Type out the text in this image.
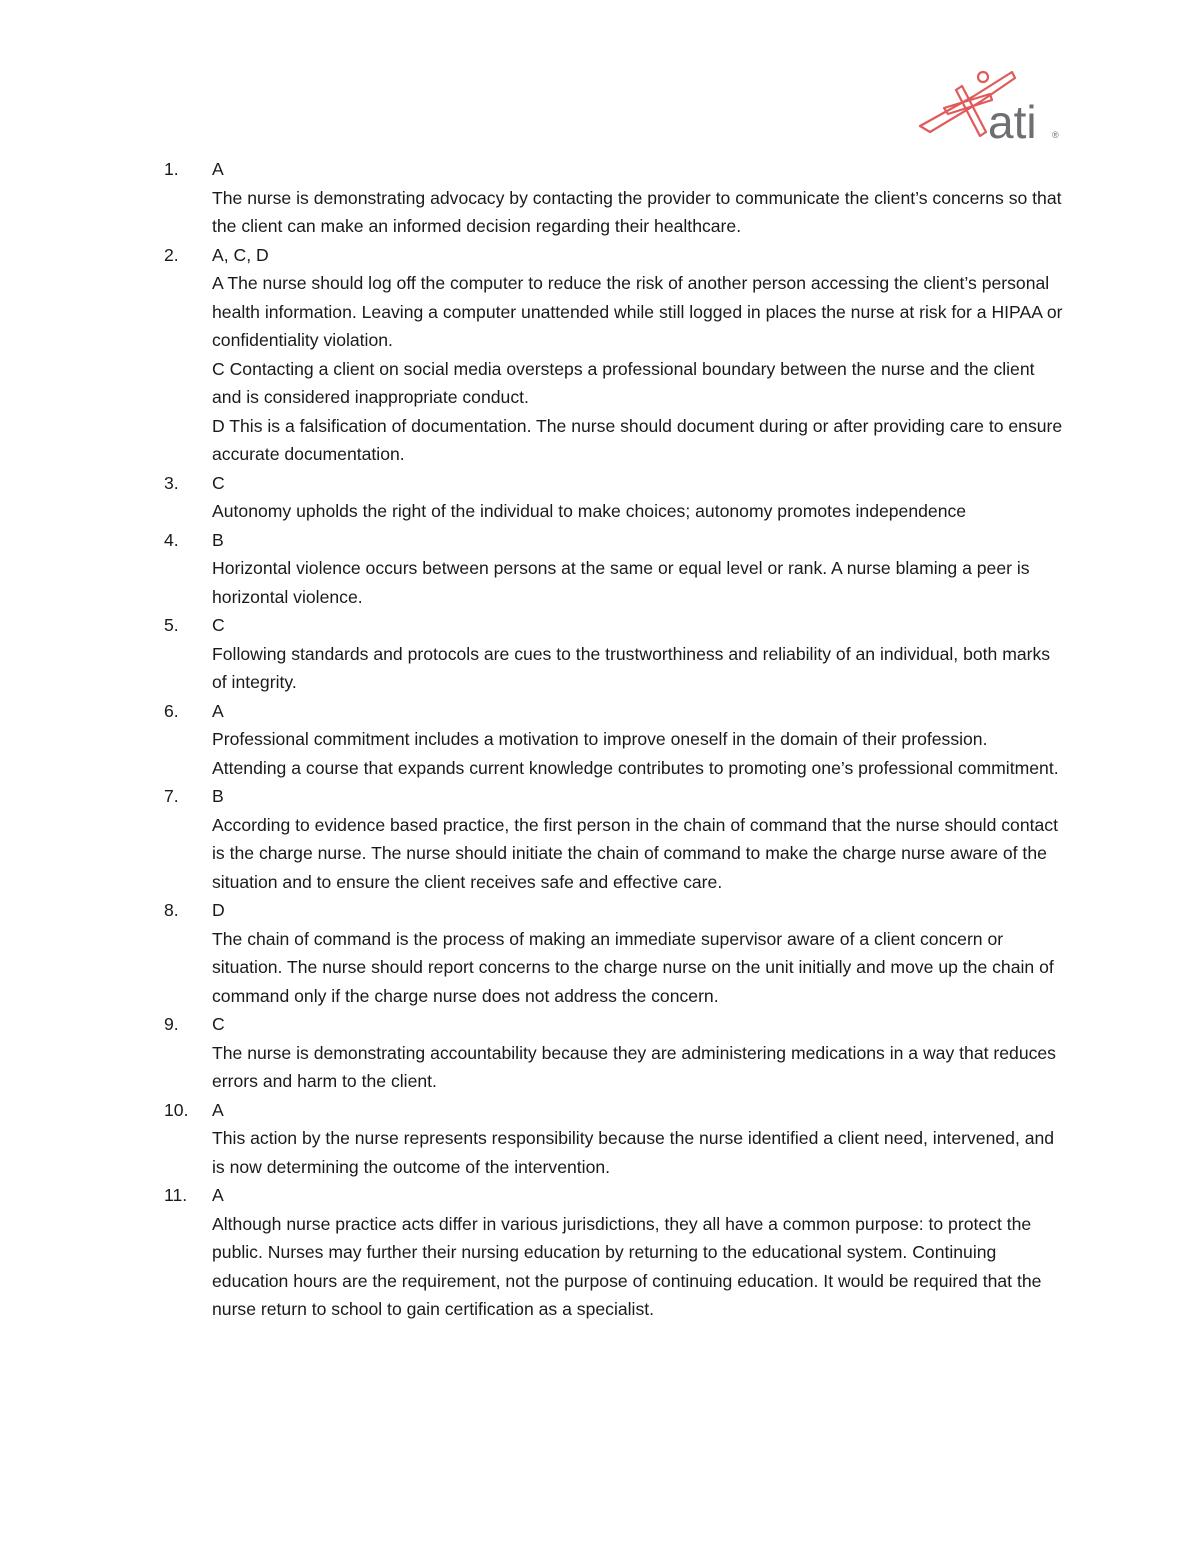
ati ®
1.	A
The nurse is demonstrating advocacy by contacting the provider to communicate the client’s concerns so that the client can make an informed decision regarding their healthcare.
2.	A, C, D
A The nurse should log off the computer to reduce the risk of another person accessing the client’s personal health information. Leaving a computer unattended while still logged in places the nurse at risk for a HIPAA or confidentiality violation.
C Contacting a client on social media oversteps a professional boundary between the nurse and the client and is considered inappropriate conduct.
D This is a falsification of documentation. The nurse should document during or after providing care to ensure accurate documentation.
3.	C
Autonomy upholds the right of the individual to make choices; autonomy promotes independence
4.	B
Horizontal violence occurs between persons at the same or equal level or rank. A nurse blaming a peer is horizontal violence.
5.	C
Following standards and protocols are cues to the trustworthiness and reliability of an individual, both marks of integrity.
6.	A
Professional commitment includes a motivation to improve oneself in the domain of their profession. Attending a course that expands current knowledge contributes to promoting one’s professional commitment.
7.	B
According to evidence based practice, the first person in the chain of command that the nurse should contact is the charge nurse. The nurse should initiate the chain of command to make the charge nurse aware of the situation and to ensure the client receives safe and effective care.
8.	D
The chain of command is the process of making an immediate supervisor aware of a client concern or situation. The nurse should report concerns to the charge nurse on the unit initially and move up the chain of command only if the charge nurse does not address the concern.
9.	C
The nurse is demonstrating accountability because they are administering medications in a way that reduces errors and harm to the client.
10.	A
This action by the nurse represents responsibility because the nurse identified a client need, intervened, and is now determining the outcome of the intervention.
11.	A
Although nurse practice acts differ in various jurisdictions, they all have a common purpose: to protect the public. Nurses may further their nursing education by returning to the educational system. Continuing education hours are the requirement, not the purpose of continuing education. It would be required that the nurse return to school to gain certification as a specialist.
